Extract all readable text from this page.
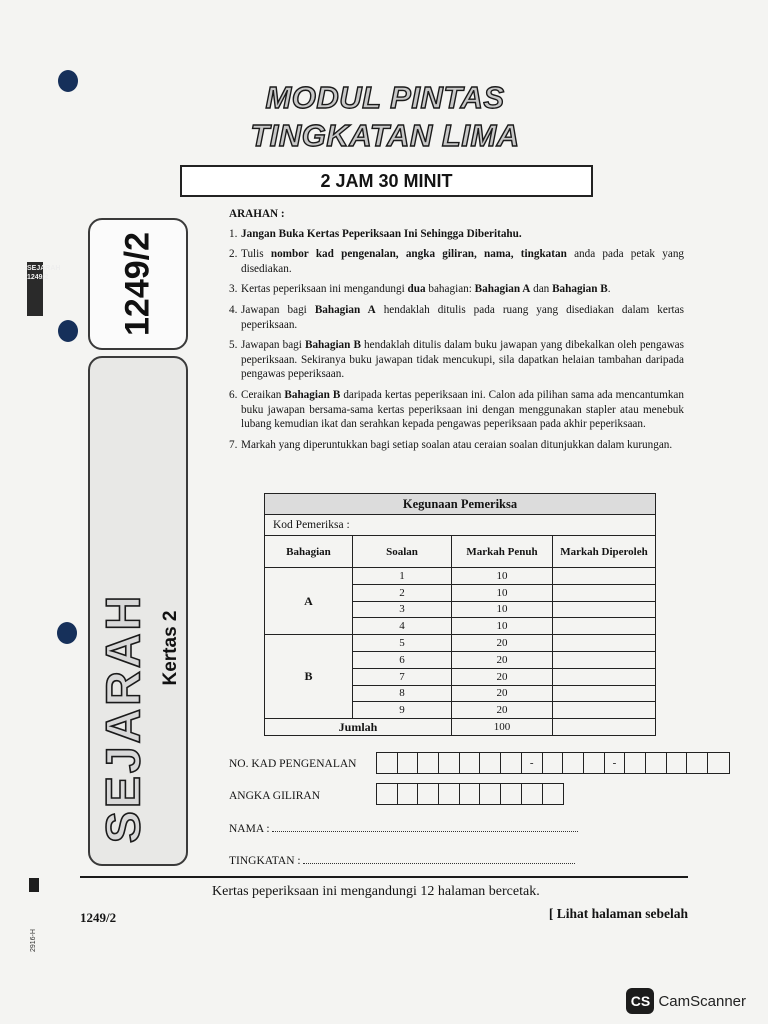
SEJARAH 1249/2
2916-H
MODUL PINTAS
TINGKATAN LIMA
2 JAM 30 MINIT
1249/2
SEJARAH Kertas 2
ARAHAN :
1. Jangan Buka Kertas Peperiksaan Ini Sehingga Diberitahu.
2. Tulis nombor kad pengenalan, angka giliran, nama, tingkatan anda pada petak yang disediakan.
3. Kertas peperiksaan ini mengandungi dua bahagian: Bahagian A dan Bahagian B.
4. Jawapan bagi Bahagian A hendaklah ditulis pada ruang yang disediakan dalam kertas peperiksaan.
5. Jawapan bagi Bahagian B hendaklah ditulis dalam buku jawapan yang dibekalkan oleh pengawas peperiksaan. Sekiranya buku jawapan tidak mencukupi, sila dapatkan helaian tambahan daripada pengawas peperiksaan.
6. Ceraikan Bahagian B daripada kertas peperiksaan ini. Calon ada pilihan sama ada mencantumkan buku jawapan bersama-sama kertas peperiksaan ini dengan menggunakan stapler atau menebuk lubang kemudian ikat dan serahkan kepada pengawas peperiksaan pada akhir peperiksaan.
7. Markah yang diperuntukkan bagi setiap soalan atau ceraian soalan ditunjukkan dalam kurungan.
Kegunaan Pemeriksa			
Kod Pemeriksa :			
Bahagian	Soalan	Markah Penuh	Markah Diperoleh
A	1	10	
	2	10	
	3	10	
	4	10	
B	5	20	
	6	20	
	7	20	
	8	20	
	9	20	
Jumlah		100	
NO. KAD PENGENALAN	-	-
ANGKA GILIRAN
NAMA :
TINGKATAN :
Kertas peperiksaan ini mengandungi 12 halaman bercetak.
1249/2	[ Lihat halaman sebelah
CS CamScanner
